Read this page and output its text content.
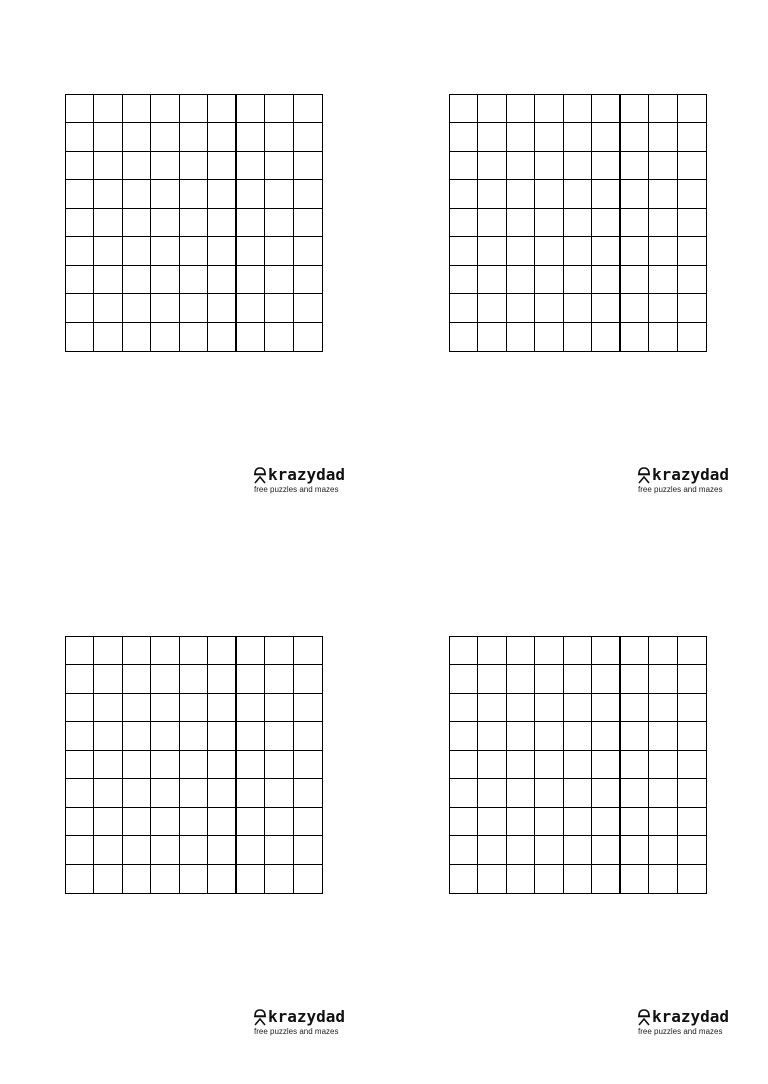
krazydad
free puzzles and mazes
krazydad
free puzzles and mazes
krazydad
free puzzles and mazes
krazydad
free puzzles and mazes
